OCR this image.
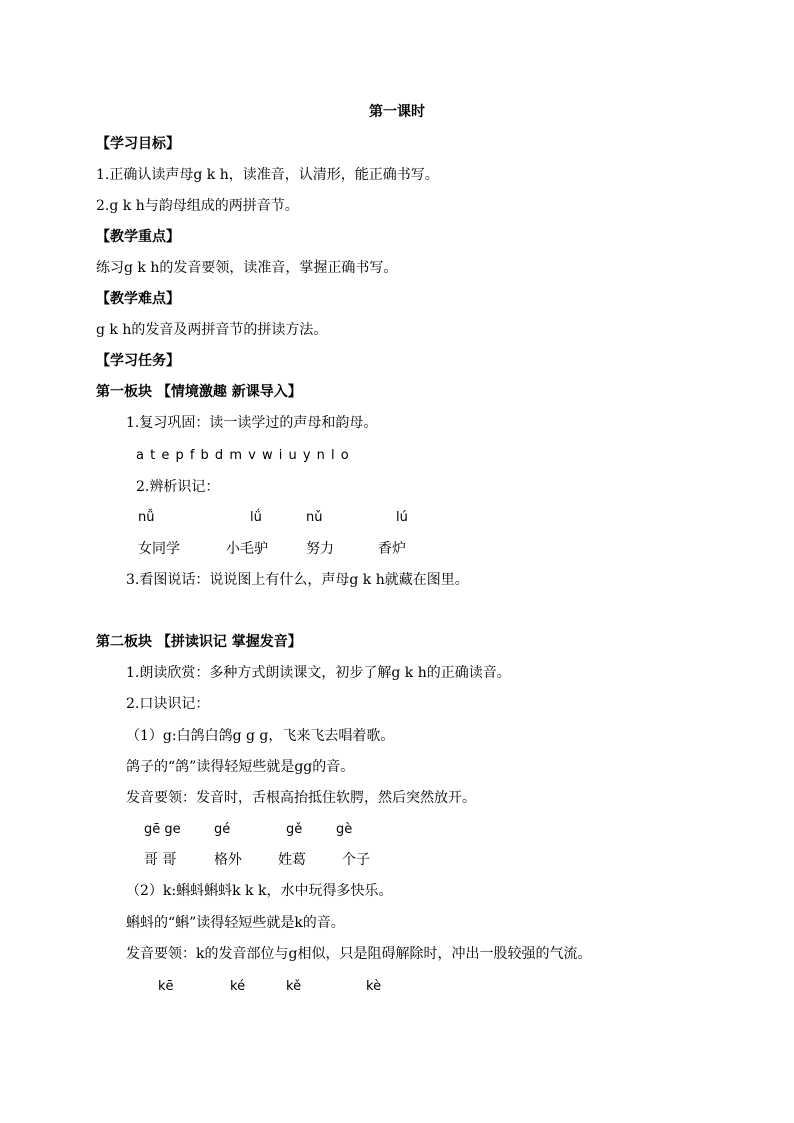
第一课时
【学习目标】
1.正确认读声母g k h，读准音，认清形，能正确书写。
2.g k h与韵母组成的两拼音节。
【教学重点】
练习g k h的发音要领，读准音，掌握正确书写。
【教学难点】
g k h的发音及两拼音节的拼读方法。
【学习任务】
第一板块 【情境激趣 新课导入】
1.复习巩固：读一读学过的声母和韵母。
a t e p f b d m v w i u y n l o
2.辨析识记：
nǚ	lǘ	nǔ	lú
女同学	小毛驴	努力	香炉
3.看图说话：说说图上有什么，声母g k h就藏在图里。
第二板块 【拼读识记 掌握发音】
1.朗读欣赏：多种方式朗读课文，初步了解g k h的正确读音。
2.口诀识记：
（1）g:白鸽白鸽g g g，飞来飞去唱着歌。
鸽子的“鸽”读得轻短些就是gg的音。
发音要领：发音时，舌根高抬抵住软腭，然后突然放开。
gē ge	gé	gě	gè
哥 哥	格外	姓葛	个子
（2）k:蝌蚪蝌蚪k k k，水中玩得多快乐。
蝌蚪的“蝌”读得轻短些就是k的音。
发音要领：k的发音部位与g相似，只是阻碍解除时，冲出一股较强的气流。
kē	ké	kě	kè
